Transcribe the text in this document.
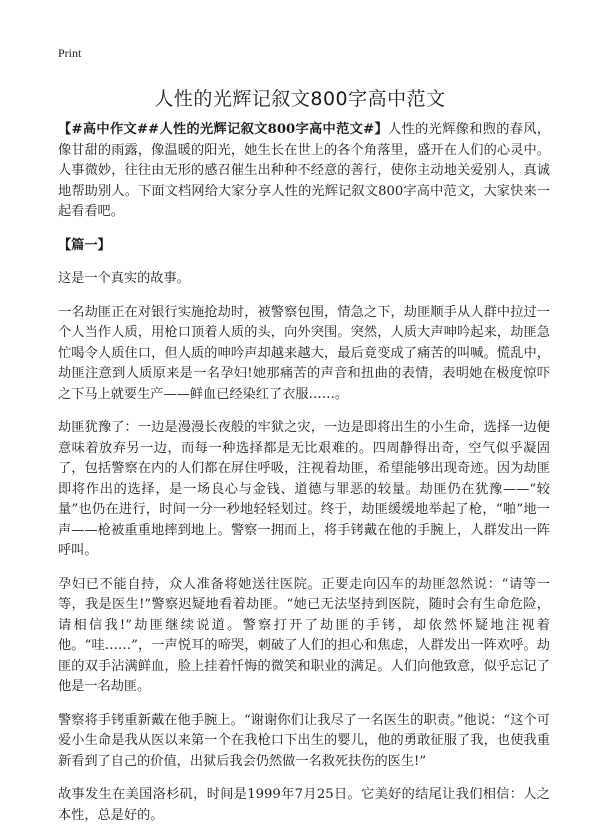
Print
人性的光辉记叙文800字高中范文

【#高中作文##人性的光辉记叙文800字高中范文#】人性的光辉像和煦的春风，像甘甜的雨露，像温暖的阳光，她生长在世上的各个角落里，盛开在人们的心灵中。人事微妙，往往由无形的感召催生出种种不经意的善行，使你主动地关爱别人，真诚地帮助别人。下面文档网给大家分享人性的光辉记叙文800字高中范文，大家快来一起看看吧。

【篇一】

这是一个真实的故事。

一名劫匪正在对银行实施抢劫时，被警察包围，情急之下，劫匪顺手从人群中拉过一个人当作人质，用枪口顶着人质的头，向外突围。突然，人质大声呻吟起来，劫匪急忙喝令人质住口，但人质的呻吟声却越来越大，最后竟变成了痛苦的叫喊。慌乱中，劫匪注意到人质原来是一名孕妇!她那痛苦的声音和扭曲的表情，表明她在极度惊吓之下马上就要生产——鲜血已经染红了衣服……。

劫匪犹豫了：一边是漫漫长夜般的牢狱之灾，一边是即将出生的小生命，选择一边便意味着放弃另一边，而每一种选择都是无比艰难的。四周静得出奇，空气似乎凝固了，包括警察在内的人们都在屏住呼吸，注视着劫匪，希望能够出现奇迹。因为劫匪即将作出的选择，是一场良心与金钱、道德与罪恶的较量。劫匪仍在犹豫——“较量”也仍在进行，时间一分一秒地轻轻划过。终于，劫匪缓缓地举起了枪，“啪”地一声——枪被重重地摔到地上。警察一拥而上，将手铐戴在他的手腕上，人群发出一阵呼叫。

孕妇已不能自持，众人准备将她送往医院。正要走向囚车的劫匪忽然说：“请等一等，我是医生!”警察迟疑地看着劫匪。“她已无法坚持到医院，随时会有生命危险，请相信我!”劫匪继续说道。警察打开了劫匪的手铐，却依然怀疑地注视着他。“哇……”，一声悦耳的啼哭，刺破了人们的担心和焦虑，人群发出一阵欢呼。劫匪的双手沾满鲜血，脸上挂着忏悔的微笑和职业的满足。人们向他致意，似乎忘记了他是一名劫匪。

警察将手铐重新戴在他手腕上。“谢谢你们让我尽了一名医生的职责。”他说：“这个可爱小生命是我从医以来第一个在我枪口下出生的婴儿，他的勇敢征服了我，也使我重新看到了自己的价值，出狱后我会仍然做一名救死扶伤的医生!”

故事发生在美国洛杉矶，时间是1999年7月25日。它美好的结尾让我们相信：人之本性，总是好的。
